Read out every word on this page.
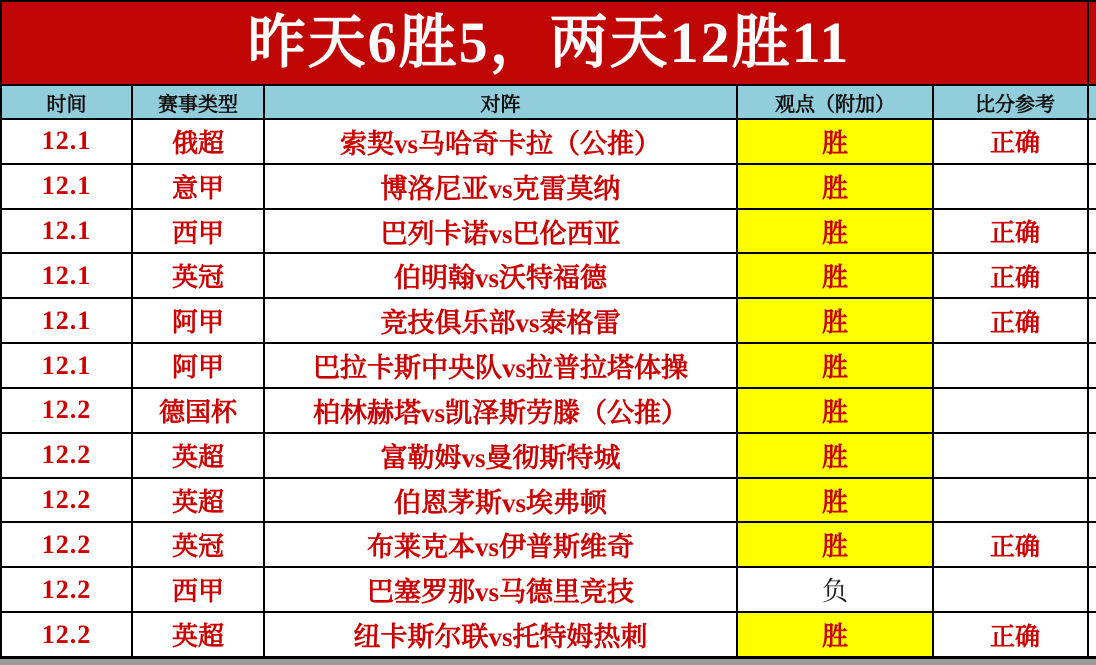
昨天6胜5，两天12胜11
时间	赛事类型	对阵	观点（附加）	比分参考
12.1	俄超	索契vs马哈奇卡拉（公推）	胜	正确
12.1	意甲	博洛尼亚vs克雷莫纳	胜
12.1	西甲	巴列卡诺vs巴伦西亚	胜	正确
12.1	英冠	伯明翰vs沃特福德	胜	正确
12.1	阿甲	竞技俱乐部vs泰格雷	胜	正确
12.1	阿甲	巴拉卡斯中央队vs拉普拉塔体操	胜
12.2	德国杯	柏林赫塔vs凯泽斯劳滕（公推）	胜
12.2	英超	富勒姆vs曼彻斯特城	胜
12.2	英超	伯恩茅斯vs埃弗顿	胜
12.2	英冠	布莱克本vs伊普斯维奇	胜	正确
12.2	西甲	巴塞罗那vs马德里竞技	负
12.2	英超	纽卡斯尔联vs托特姆热刺	胜	正确
